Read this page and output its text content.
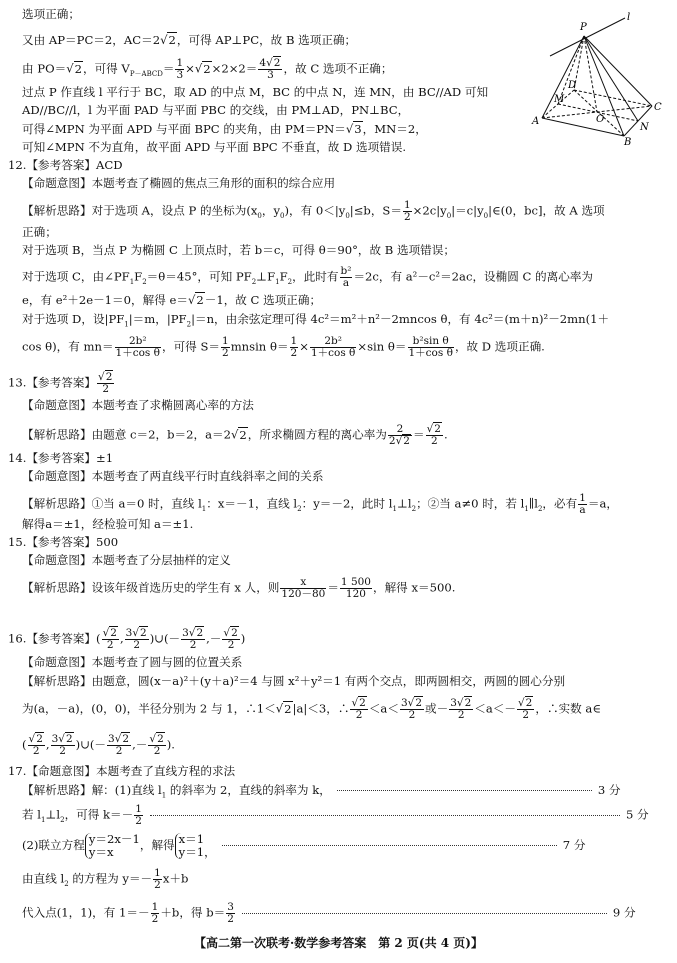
选项正确；
又由 AP＝PC＝2，AC＝2√2，可得 AP⊥PC，故 B 选项正确；
由 PO＝√2，可得 $V_{P-ABCD}= \frac{1}{3} \times√2\times 2\times 2= \frac{4√2}{3}$ ，故 C 选项不正确；
过点 P 作直线 l 平行于 BC，取 AD 的中点 M，BC 的中点 N，连 MN，由 BC//AD 可知
AD//BC//l，l 为平面 PAD 与平面 PBC 的交线，由 PM⊥AD，PN⊥BC，
可得∠MPN 为平面 APD 与平面 BPC 的夹角，由 PM＝PN＝√3，MN＝2，
可知∠MPN 不为直角，故平面 APD 与平面 BPC 不垂直，故 D 选项错误.
P
l
D
M
O
C
A
N
B
12.【参考答案】ACD
【命题意图】本题考查了椭圆的焦点三角形的面积的综合应用
【解析思路】对于选项 A，设点 P 的坐标为($x_0$，$y_0$)，有 $0<|y_0|\le b$，$S= \frac{1}{2}$ $\times 2c|y_0|=c|y_0|\in(0$，bc]，故 A 选项
正确；
对于选项 B，当点 P 为椭圆 C 上顶点时，若 b＝c，可得 θ＝90°，故 B 选项错误；
对于选项 C，由$\angle PF_1F_2=\theta=45^\circ$，可知 $PF_2\perp F_1F_2$，此时有 $\frac{\text{b²}}{a} =2c$，有 a²－c²＝2ac，设椭圆 C 的离心率为
e，有 e²＋2e－1＝0，解得 e＝√2－1，故 C 选项正确；
对于选项 D，设$|PF_1|=m$，$|PF_2|=n$，由余弦定理可得 4c²＝m²＋n²－2mncos θ，有 4c²＝(m＋n)²－2mn(1＋
cos θ)，有 $mn= \frac{\text{2b²}}{\text{1＋cos θ}}$ ，可得 $S= \frac{1}{2}$ mnsin $\theta= \frac{1}{2} \times \frac{\text{2b²}}{\text{1＋cos θ}} \times\sin$ $\theta= \frac{\text{b²sin θ}}{\text{1＋cos θ}}$ ，故 D 选项正确.
13.【参考答案】 $\frac{√2}{2}$
【命题意图】本题考查了求椭圆离心率的方法
【解析思路】由题意 c＝2，b＝2，a＝2√2，所求椭圆方程的离心率为 $\frac{2}{2√2} = \frac{√2}{2}$ .
14.【参考答案】±1
【命题意图】本题考查了两直线平行时直线斜率之间的关系
【解析思路】①当 a＝0 时，直线 $l_1$：x＝－1，直线 $l_2$：y＝－2，此时 $l_1\perp l_2$；②当 a≠0 时，若 $l_1\parallel l_2$，必有 $\frac{1}{a} =a$，
解得a＝±1，经检验可知 a＝±1.
15.【参考答案】500
【命题意图】本题考查了分层抽样的定义
【解析思路】设该年级首选历史的学生有 x 人，则 $\frac{x}{120-80} = \frac{1 500}{120}$ ，解得 x＝500.
16.【参考答案】( $\frac{√2}{2}$ , $\frac{3√2}{2}$ )∪(－ $\frac{3√2}{2}$ ,－ $\frac{√2}{2}$ )
【命题意图】本题考查了圆与圆的位置关系
【解析思路】由题意，圆(x－a)²＋(y＋a)²＝4 与圆 x²＋y²＝1 有两个交点，即两圆相交，两圆的圆心分别
为(a，－a)，(0，0)，半径分别为 2 与 1，∴1＜√2|a|＜3，∴ $\frac{√2}{2} <a< \frac{3√2}{2}$ 或－ $\frac{3√2}{2} <a<- \frac{√2}{2}$ ，∴实数 a∈
( $\frac{√2}{2}$ , $\frac{3√2}{2}$ )∪(－ $\frac{3√2}{2}$ ,－ $\frac{√2}{2}$ ).
17.【命题意图】本题考查了直线方程的求法
【解析思路】解：(1)直线 $l_1$ 的斜率为 2，直线的斜率为 k，	3 分
若 $l_1\perp l_2$，可得 $k=- \frac{1}{2}$	5 分
(2)联立方程 y＝2x－1
y＝x	，解得 x＝1
y＝1，	7 分
由直线 $l_2$ 的方程为 $y=- \frac{1}{2} x+b$
代入点(1，1)，有 $1=- \frac{1}{2} +b$，得 $b= \frac{3}{2}$	9 分
【高二第一次联考·数学参考答案　第 2 页(共 4 页)】
